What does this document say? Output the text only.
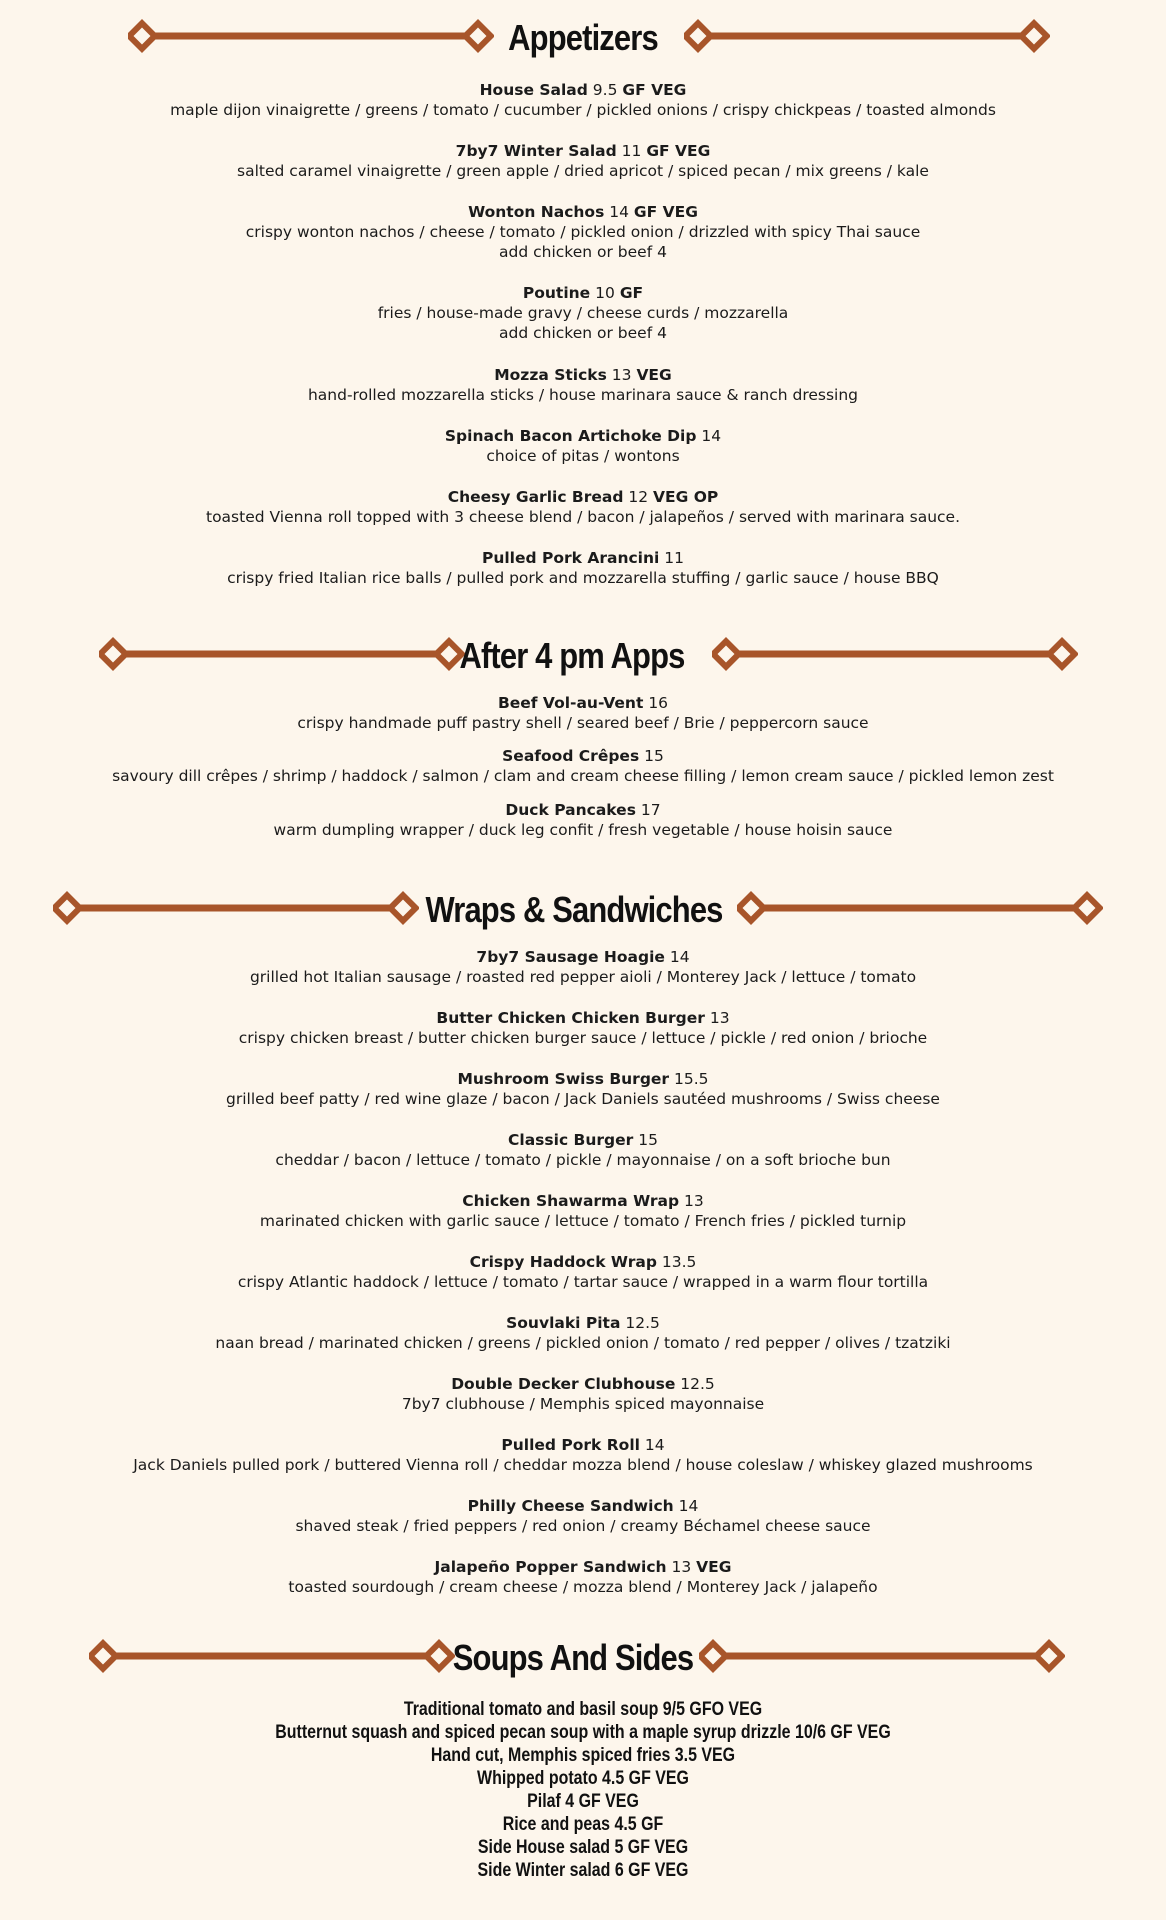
Appetizers
House Salad 9.5 GF VEG
maple dijon vinaigrette / greens / tomato / cucumber / pickled onions / crispy chickpeas / toasted almonds
7by7 Winter Salad 11 GF VEG
salted caramel vinaigrette / green apple / dried apricot / spiced pecan / mix greens / kale
Wonton Nachos 14 GF VEG
crispy wonton nachos / cheese / tomato / pickled onion / drizzled with spicy Thai sauce
add chicken or beef 4
Poutine 10 GF
fries / house-made gravy / cheese curds / mozzarella
add chicken or beef 4
Mozza Sticks 13 VEG
hand-rolled mozzarella sticks / house marinara sauce & ranch dressing
Spinach Bacon Artichoke Dip 14
choice of pitas / wontons
Cheesy Garlic Bread 12 VEG OP
toasted Vienna roll topped with 3 cheese blend / bacon / jalapeños / served with marinara sauce.
Pulled Pork Arancini 11
crispy fried Italian rice balls / pulled pork and mozzarella stuffing / garlic sauce / house BBQ
After 4 pm Apps
Beef Vol-au-Vent 16
crispy handmade puff pastry shell / seared beef / Brie / peppercorn sauce
Seafood Crêpes 15
savoury dill crêpes / shrimp / haddock / salmon / clam and cream cheese filling / lemon cream sauce / pickled lemon zest
Duck Pancakes 17
warm dumpling wrapper / duck leg confit / fresh vegetable / house hoisin sauce
Wraps & Sandwiches
7by7 Sausage Hoagie 14
grilled hot Italian sausage / roasted red pepper aioli / Monterey Jack / lettuce / tomato
Butter Chicken Chicken Burger 13
crispy chicken breast / butter chicken burger sauce / lettuce / pickle / red onion / brioche
Mushroom Swiss Burger 15.5
grilled beef patty / red wine glaze / bacon / Jack Daniels sautéed mushrooms / Swiss cheese
Classic Burger 15
cheddar / bacon / lettuce / tomato / pickle / mayonnaise / on a soft brioche bun
Chicken Shawarma Wrap 13
marinated chicken with garlic sauce / lettuce / tomato / French fries / pickled turnip
Crispy Haddock Wrap 13.5
crispy Atlantic haddock / lettuce / tomato / tartar sauce / wrapped in a warm flour tortilla
Souvlaki Pita 12.5
naan bread / marinated chicken / greens / pickled onion / tomato / red pepper / olives / tzatziki
Double Decker Clubhouse 12.5
7by7 clubhouse / Memphis spiced mayonnaise
Pulled Pork Roll 14
Jack Daniels pulled pork / buttered Vienna roll / cheddar mozza blend / house coleslaw / whiskey glazed mushrooms
Philly Cheese Sandwich 14
shaved steak / fried peppers / red onion / creamy Béchamel cheese sauce
Jalapeño Popper Sandwich 13 VEG
toasted sourdough / cream cheese / mozza blend / Monterey Jack / jalapeño
Soups And Sides
Traditional tomato and basil soup 9/5 GFO VEG
Butternut squash and spiced pecan soup with a maple syrup drizzle 10/6 GF VEG
Hand cut, Memphis spiced fries 3.5 VEG
Whipped potato 4.5 GF VEG
Pilaf 4 GF VEG
Rice and peas 4.5 GF
Side House salad 5 GF VEG
Side Winter salad 6 GF VEG
